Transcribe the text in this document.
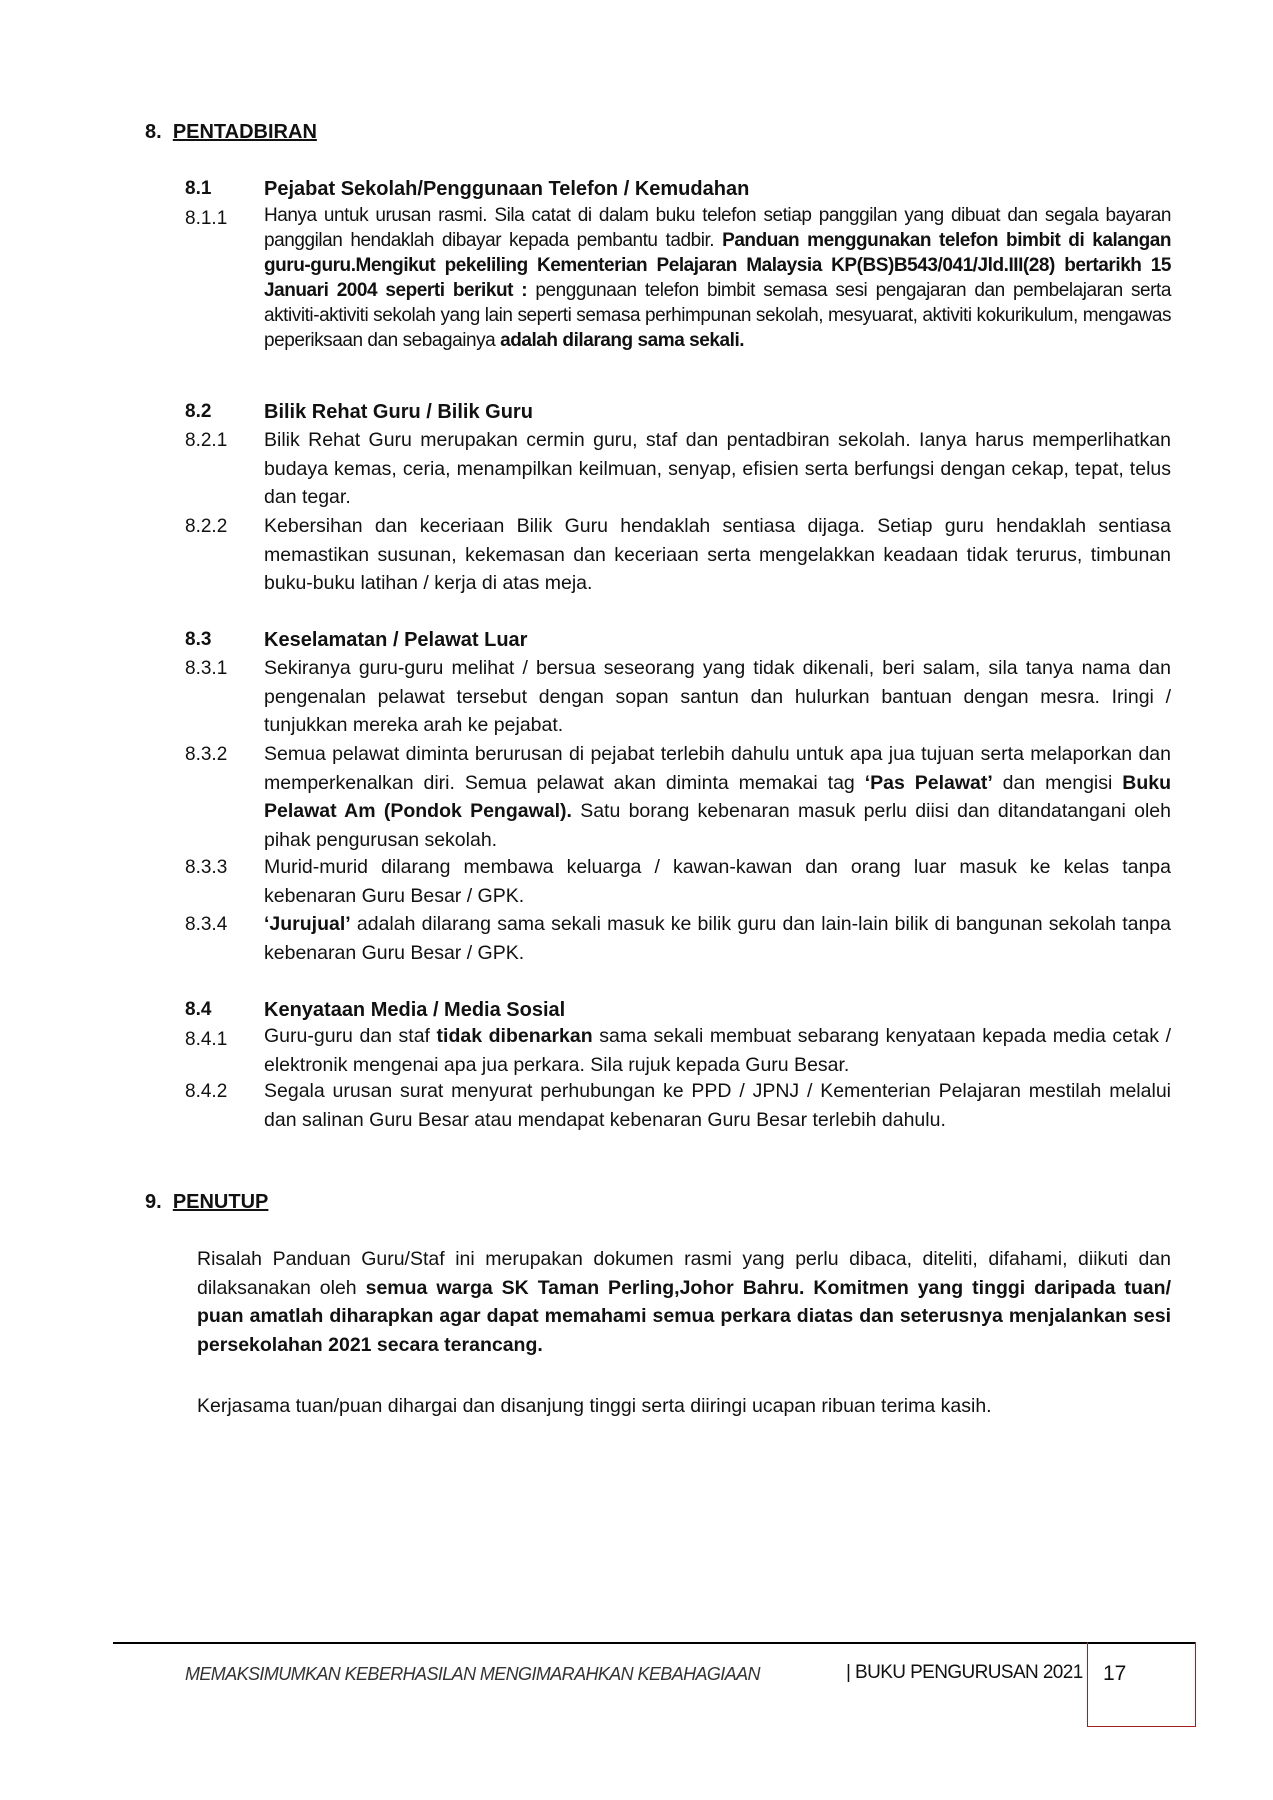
8. PENTADBIRAN
8.1	Pejabat Sekolah/Penggunaan Telefon / Kemudahan
8.1.1 Hanya untuk urusan rasmi. Sila catat di dalam buku telefon setiap panggilan yang dibuat dan segala bayaran panggilan hendaklah dibayar kepada pembantu tadbir. Panduan menggunakan telefon bimbit di kalangan guru-guru.Mengikut pekeliling Kementerian Pelajaran Malaysia KP(BS)B543/041/Jld.III(28) bertarikh 15 Januari 2004 seperti berikut : penggunaan telefon bimbit semasa sesi pengajaran dan pembelajaran serta aktiviti-aktiviti sekolah yang lain seperti semasa perhimpunan sekolah, mesyuarat, aktiviti kokurikulum, mengawas peperiksaan dan sebagainya adalah dilarang sama sekali.
8.2	Bilik Rehat Guru / Bilik Guru
8.2.1 Bilik Rehat Guru merupakan cermin guru, staf dan pentadbiran sekolah. Ianya harus memperlihatkan budaya kemas, ceria, menampilkan keilmuan, senyap, efisien serta berfungsi dengan cekap, tepat, telus dan tegar.
8.2.2 Kebersihan dan keceriaan Bilik Guru hendaklah sentiasa dijaga. Setiap guru hendaklah sentiasa memastikan susunan, kekemasan dan keceriaan serta mengelakkan keadaan tidak terurus, timbunan buku-buku latihan / kerja di atas meja.
8.3	Keselamatan / Pelawat Luar
8.3.1 Sekiranya guru-guru melihat / bersua seseorang yang tidak dikenali, beri salam, sila tanya nama dan pengenalan pelawat tersebut dengan sopan santun dan hulurkan bantuan dengan mesra. Iringi / tunjukkan mereka arah ke pejabat.
8.3.2 Semua pelawat diminta berurusan di pejabat terlebih dahulu untuk apa jua tujuan serta melaporkan dan memperkenalkan diri. Semua pelawat akan diminta memakai tag ‘Pas Pelawat’ dan mengisi Buku Pelawat Am (Pondok Pengawal). Satu borang kebenaran masuk perlu diisi dan ditandatangani oleh pihak pengurusan sekolah.
8.3.3 Murid-murid dilarang membawa keluarga / kawan-kawan dan orang luar masuk ke kelas tanpa kebenaran Guru Besar / GPK.
8.3.4 ‘Jurujual’ adalah dilarang sama sekali masuk ke bilik guru dan lain-lain bilik di bangunan sekolah tanpa kebenaran Guru Besar / GPK.
8.4	Kenyataan Media / Media Sosial
8.4.1 Guru-guru dan staf tidak dibenarkan sama sekali membuat sebarang kenyataan kepada media cetak / elektronik mengenai apa jua perkara. Sila rujuk kepada Guru Besar.
8.4.2 Segala urusan surat menyurat perhubungan ke PPD / JPNJ / Kementerian Pelajaran mestilah melalui dan salinan Guru Besar atau mendapat kebenaran Guru Besar terlebih dahulu.
9. PENUTUP
Risalah Panduan Guru/Staf ini merupakan dokumen rasmi yang perlu dibaca, diteliti, difahami, diikuti dan dilaksanakan oleh semua warga SK Taman Perling,Johor Bahru. Komitmen yang tinggi daripada tuan/ puan amatlah diharapkan agar dapat memahami semua perkara diatas dan seterusnya menjalankan sesi persekolahan 2021 secara terancang.
Kerjasama tuan/puan dihargai dan disanjung tinggi serta diiringi ucapan ribuan terima kasih.
MEMAKSIMUMKAN KEBERHASILAN MENGIMARAHKAN KEBAHAGIAAN	| BUKU PENGURUSAN 2021 17
